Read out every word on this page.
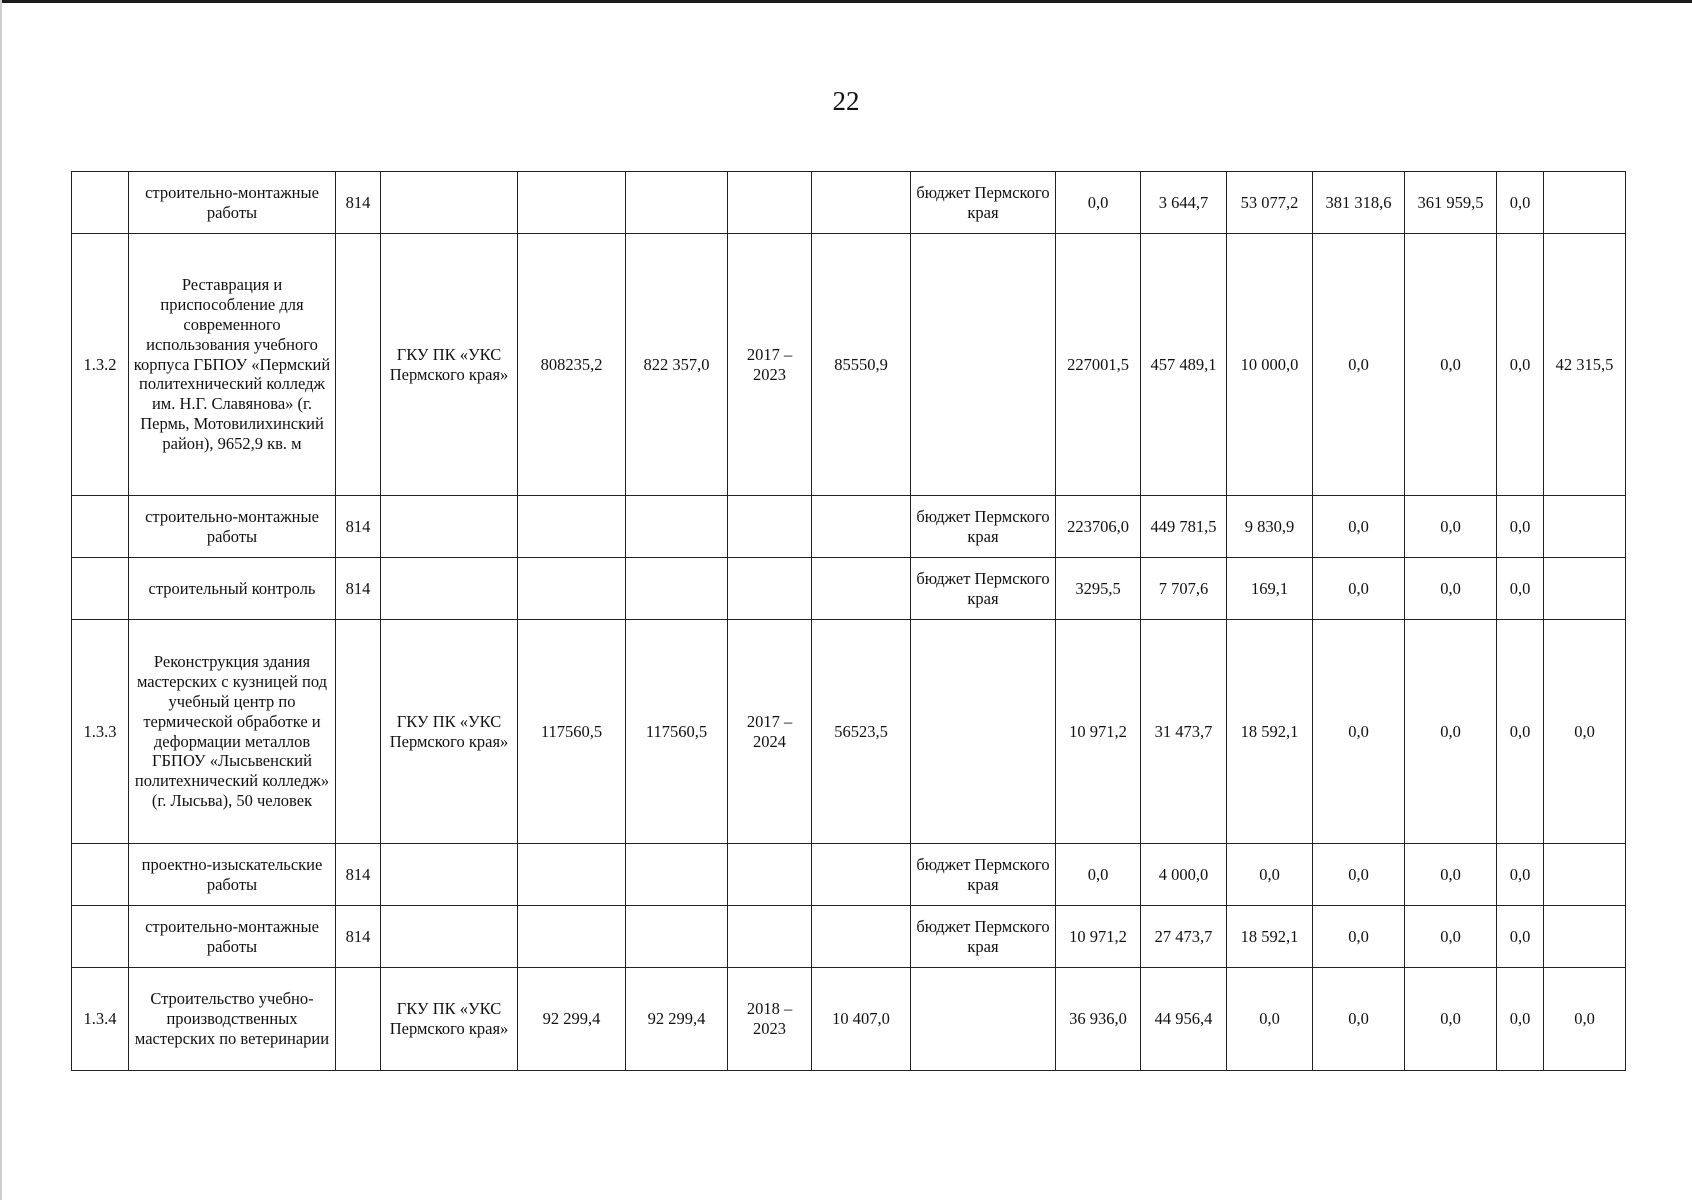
22
	строительно-монтажные работы	814						бюджет Пермского края	0,0	3 644,7	53 077,2	381 318,6	361 959,5	0,0	
1.3.2	Реставрация и приспособление для современного использования учебного корпуса ГБПОУ «Пермский политехнический колледж им. Н.Г. Славянова» (г. Пермь, Мотовилихинский район), 9652,9 кв. м		ГКУ ПК «УКС Пермского края»	808235,2	822 357,0	2017 – 2023	85550,9		227001,5	457 489,1	10 000,0	0,0	0,0	0,0	42 315,5
	строительно-монтажные работы	814						бюджет Пермского края	223706,0	449 781,5	9 830,9	0,0	0,0	0,0	
	строительный контроль	814						бюджет Пермского края	3295,5	7 707,6	169,1	0,0	0,0	0,0	
1.3.3	Реконструкция здания мастерских с кузницей под учебный центр по термической обработке и деформации металлов ГБПОУ «Лысьвенский политехнический колледж» (г. Лысьва), 50 человек		ГКУ ПК «УКС Пермского края»	117560,5	117560,5	2017 – 2024	56523,5		10 971,2	31 473,7	18 592,1	0,0	0,0	0,0	0,0
	проектно-изыскательские работы	814						бюджет Пермского края	0,0	4 000,0	0,0	0,0	0,0	0,0	
	строительно-монтажные работы	814						бюджет Пермского края	10 971,2	27 473,7	18 592,1	0,0	0,0	0,0	
1.3.4	Строительство учебно-производственных мастерских по ветеринарии		ГКУ ПК «УКС Пермского края»	92 299,4	92 299,4	2018 – 2023	10 407,0		36 936,0	44 956,4	0,0	0,0	0,0	0,0	0,0
